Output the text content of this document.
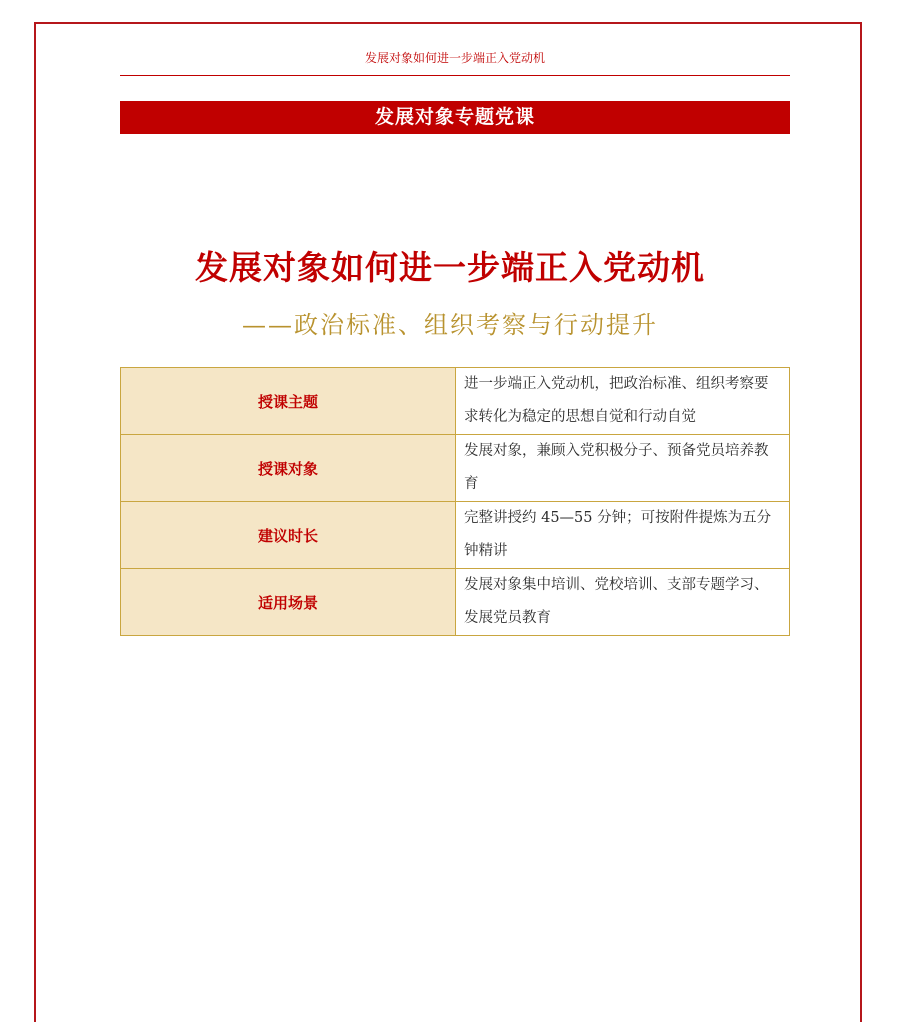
发展对象如何进一步端正入党动机
发展对象专题党课
发展对象如何进一步端正入党动机
——政治标准、组织考察与行动提升
授课主题	进一步端正入党动机，把政治标准、组织考察要求转化为稳定的思想自觉和行动自觉
授课对象	发展对象，兼顾入党积极分子、预备党员培养教育
建议时长	完整讲授约 45—55 分钟；可按附件提炼为五分钟精讲
适用场景	发展对象集中培训、党校培训、支部专题学习、发展党员教育
